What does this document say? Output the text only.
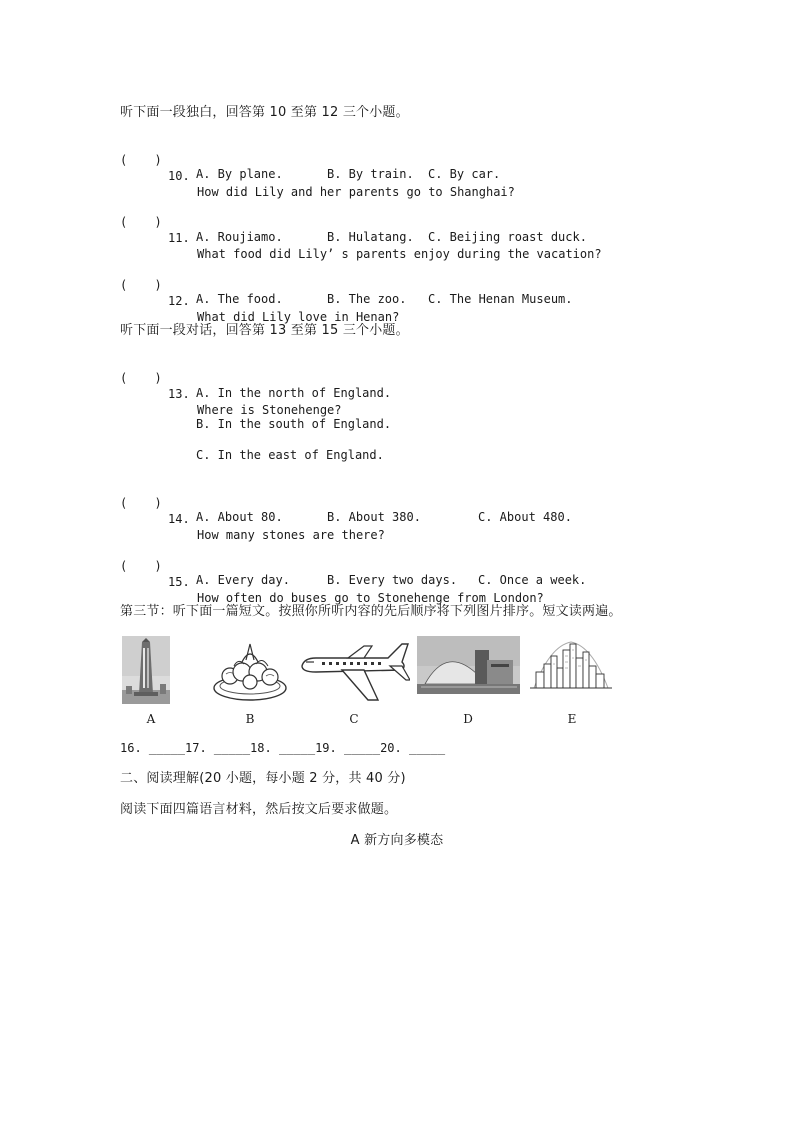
听下面一段独白，回答第 10 至第 12 三个小题。

( )

10.

How did Lily and her parents go to Shanghai?

A. By plane.	B. By train. C. By car.

( )

11.

What food did Lily’ s parents enjoy during the vacation?

A. Roujiamo.	B. Hulatang. C. Beijing roast duck.

( )

12.

What did Lily love in Henan?

A. The food.	B. The zoo. C. The Henan Museum.
听下面一段对话，回答第 13 至第 15 三个小题。

( )

13.

Where is Stonehenge?

A. In the north of England.
B. In the south of England.
C. In the east of England.

( )

14.

How many stones are there?

A. About 80.	B. About 380.	C. About 480.

( )

15.

How often do buses go to Stonehenge from London?

A. Every day.	B. Every two days. C. Once a week.
第三节：听下面一篇短文。按照你所听内容的先后顺序将下列图片排序。短文读两遍。
A	B	C	D	E
16. _____17. _____18. _____19. _____20. _____
二、阅读理解(20 小题，每小题 2 分，共 40 分)
阅读下面四篇语言材料，然后按文后要求做题。
A 新方向多模态
